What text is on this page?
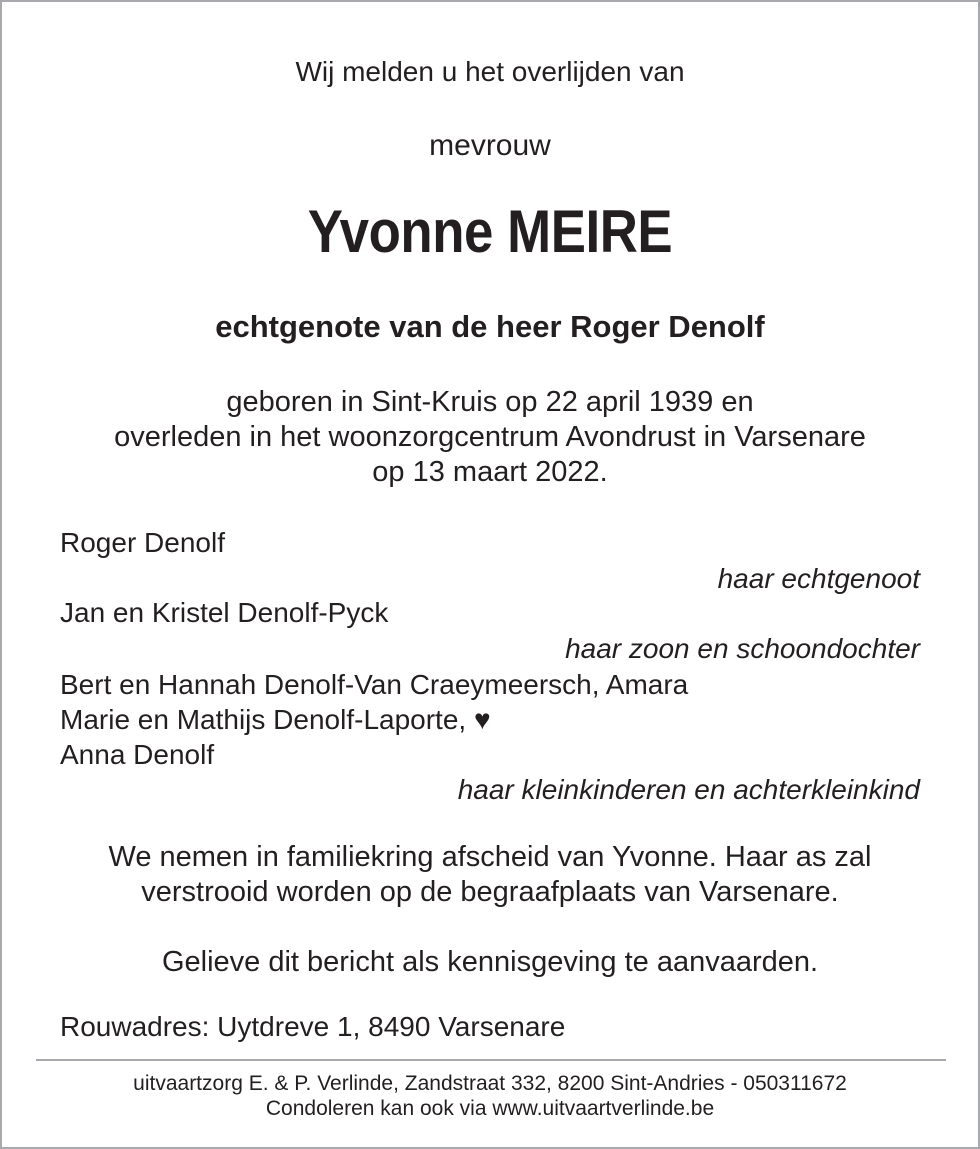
Wij melden u het overlijden van
mevrouw
Yvonne MEIRE
echtgenote van de heer Roger Denolf
geboren in Sint-Kruis op 22 april 1939 en
overleden in het woonzorgcentrum Avondrust in Varsenare
op 13 maart 2022.
Roger Denolf
haar echtgenoot
Jan en Kristel Denolf-Pyck
haar zoon en schoondochter
Bert en Hannah Denolf-Van Craeymeersch, Amara
Marie en Mathijs Denolf-Laporte, ♥
Anna Denolf
haar kleinkinderen en achterkleinkind
We nemen in familiekring afscheid van Yvonne. Haar as zal
verstrooid worden op de begraafplaats van Varsenare.
Gelieve dit bericht als kennisgeving te aanvaarden.
Rouwadres: Uytdreve 1, 8490 Varsenare
uitvaartzorg E. & P. Verlinde, Zandstraat 332, 8200 Sint-Andries - 050311672
Condoleren kan ook via www.uitvaartverlinde.be
